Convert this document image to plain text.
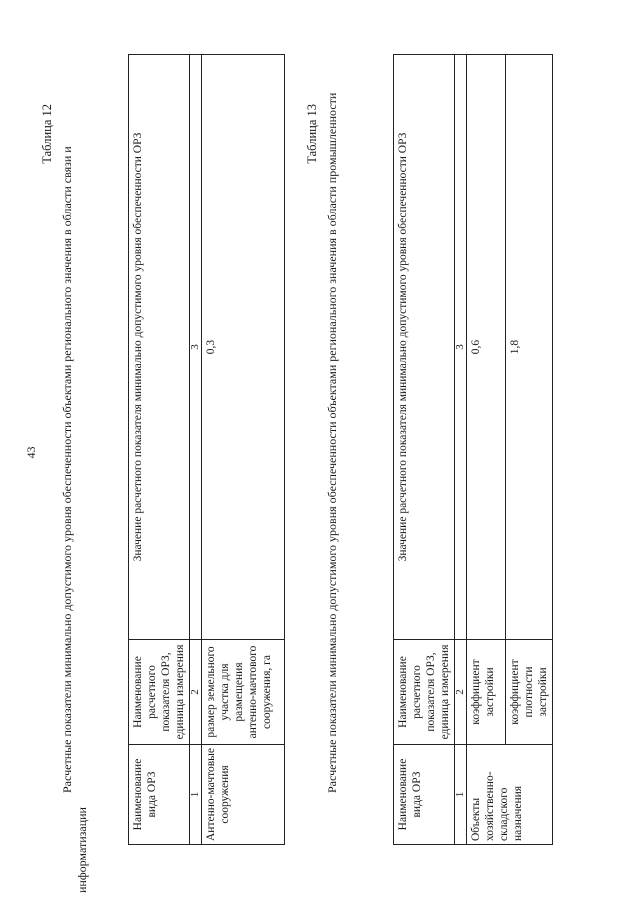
43
Таблица 12
Расчетные показатели минимально допустимого уровня обеспеченности объектами регионального значения в области связи и информатизации
Наименование вида ОРЗ	Наименование расчетного показателя ОРЗ, единица измерения	Значение расчетного показателя минимально допустимого уровня обеспеченности ОРЗ
1	2	3
Антенно-мачтовые сооружения	размер земельного участка для размещения антенно-мачтового сооружения, га	0,3
Таблица 13 Расчетные показатели минимально допустимого уровня обеспеченности объектами регионального значения в области промышленности
Наименование вида ОРЗ	Наименование расчетного показателя ОРЗ, единица измерения	Значение расчетного показателя минимально допустимого уровня обеспеченности ОРЗ
1	2	3
Объекты хозяйственно-складского назначения	коэффициент застройки	0,6
	коэффициент плотности застройки	1,8
